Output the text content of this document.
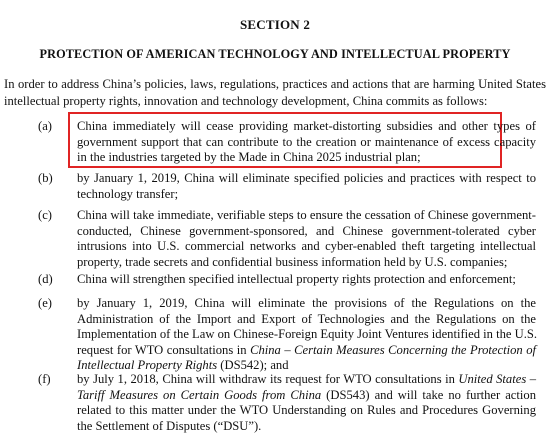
SECTION 2
PROTECTION OF AMERICAN TECHNOLOGY AND INTELLECTUAL PROPERTY
In order to address China’s policies, laws, regulations, practices and actions that are harming United States
intellectual property rights, innovation and technology development, China commits as follows:
(a) China immediately will cease providing market-distorting subsidies and other types of
government support that can contribute to the creation or maintenance of excess capacity
in the industries targeted by the Made in China 2025 industrial plan;
(b) by January 1, 2019, China will eliminate specified policies and practices with respect to
technology transfer;
(c) China will take immediate, verifiable steps to ensure the cessation of Chinese government-
conducted, Chinese government-sponsored, and Chinese government-tolerated cyber
intrusions into U.S. commercial networks and cyber-enabled theft targeting intellectual
property, trade secrets and confidential business information held by U.S. companies;
(d) China will strengthen specified intellectual property rights protection and enforcement;
(e) by January 1, 2019, China will eliminate the provisions of the Regulations on the
Administration of the Import and Export of Technologies and the Regulations on the
Implementation of the Law on Chinese-Foreign Equity Joint Ventures identified in the U.S.
request for WTO consultations in China – Certain Measures Concerning the Protection of
Intellectual Property Rights (DS542); and
(f) by July 1, 2018, China will withdraw its request for WTO consultations in United States –
Tariff Measures on Certain Goods from China (DS543) and will take no further action
related to this matter under the WTO Understanding on Rules and Procedures Governing
the Settlement of Disputes (“DSU”).
